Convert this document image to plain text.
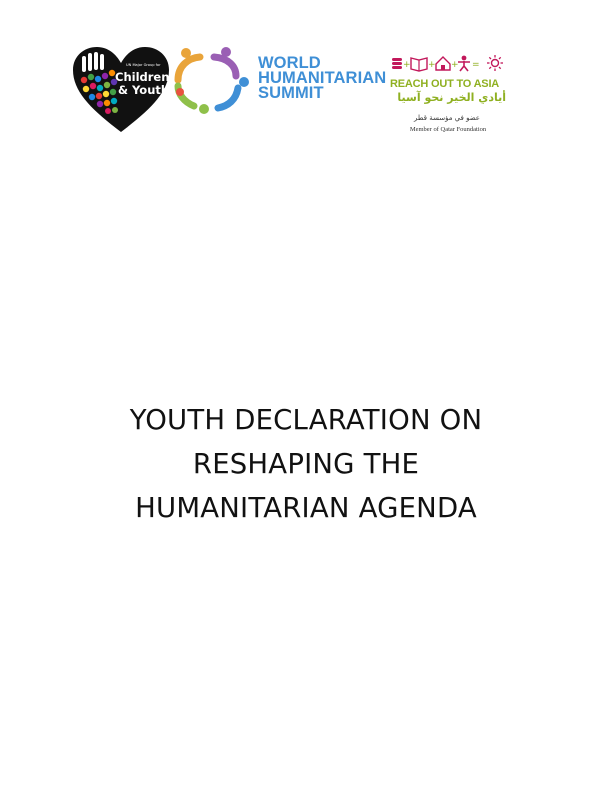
UN Major Group for
Children
& Youth
WORLD
HUMANITARIAN
SUMMIT
+ + + =
REACH OUT TO ASIA
أيادي الخير نحو آسيا
عضو في مؤسسة قطر
Member of Qatar Foundation
YOUTH DECLARATION ON
RESHAPING THE
HUMANITARIAN AGENDA
